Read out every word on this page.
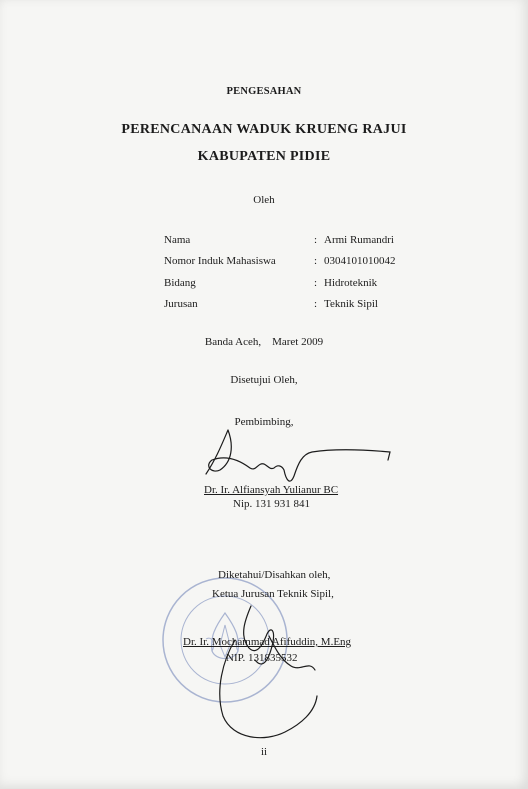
PENGESAHAN
PERENCANAAN WADUK KRUENG RAJUI
KABUPATEN PIDIE
Oleh
Nama	: Armi Rumandri
Nomor Induk Mahasiswa	: 0304101010042
Bidang	: Hidroteknik
Jurusan	: Teknik Sipil
Banda Aceh,    Maret 2009
Disetujui Oleh,
Pembimbing,
Dr. Ir. Alfiansyah Yulianur BC
Nip. 131 931 841
Diketahui/Disahkan oleh,
Ketua Jurusan Teknik Sipil,
Dr. Ir. Mochammad Afifuddin, M.Eng
NIP. 131835532
ii
